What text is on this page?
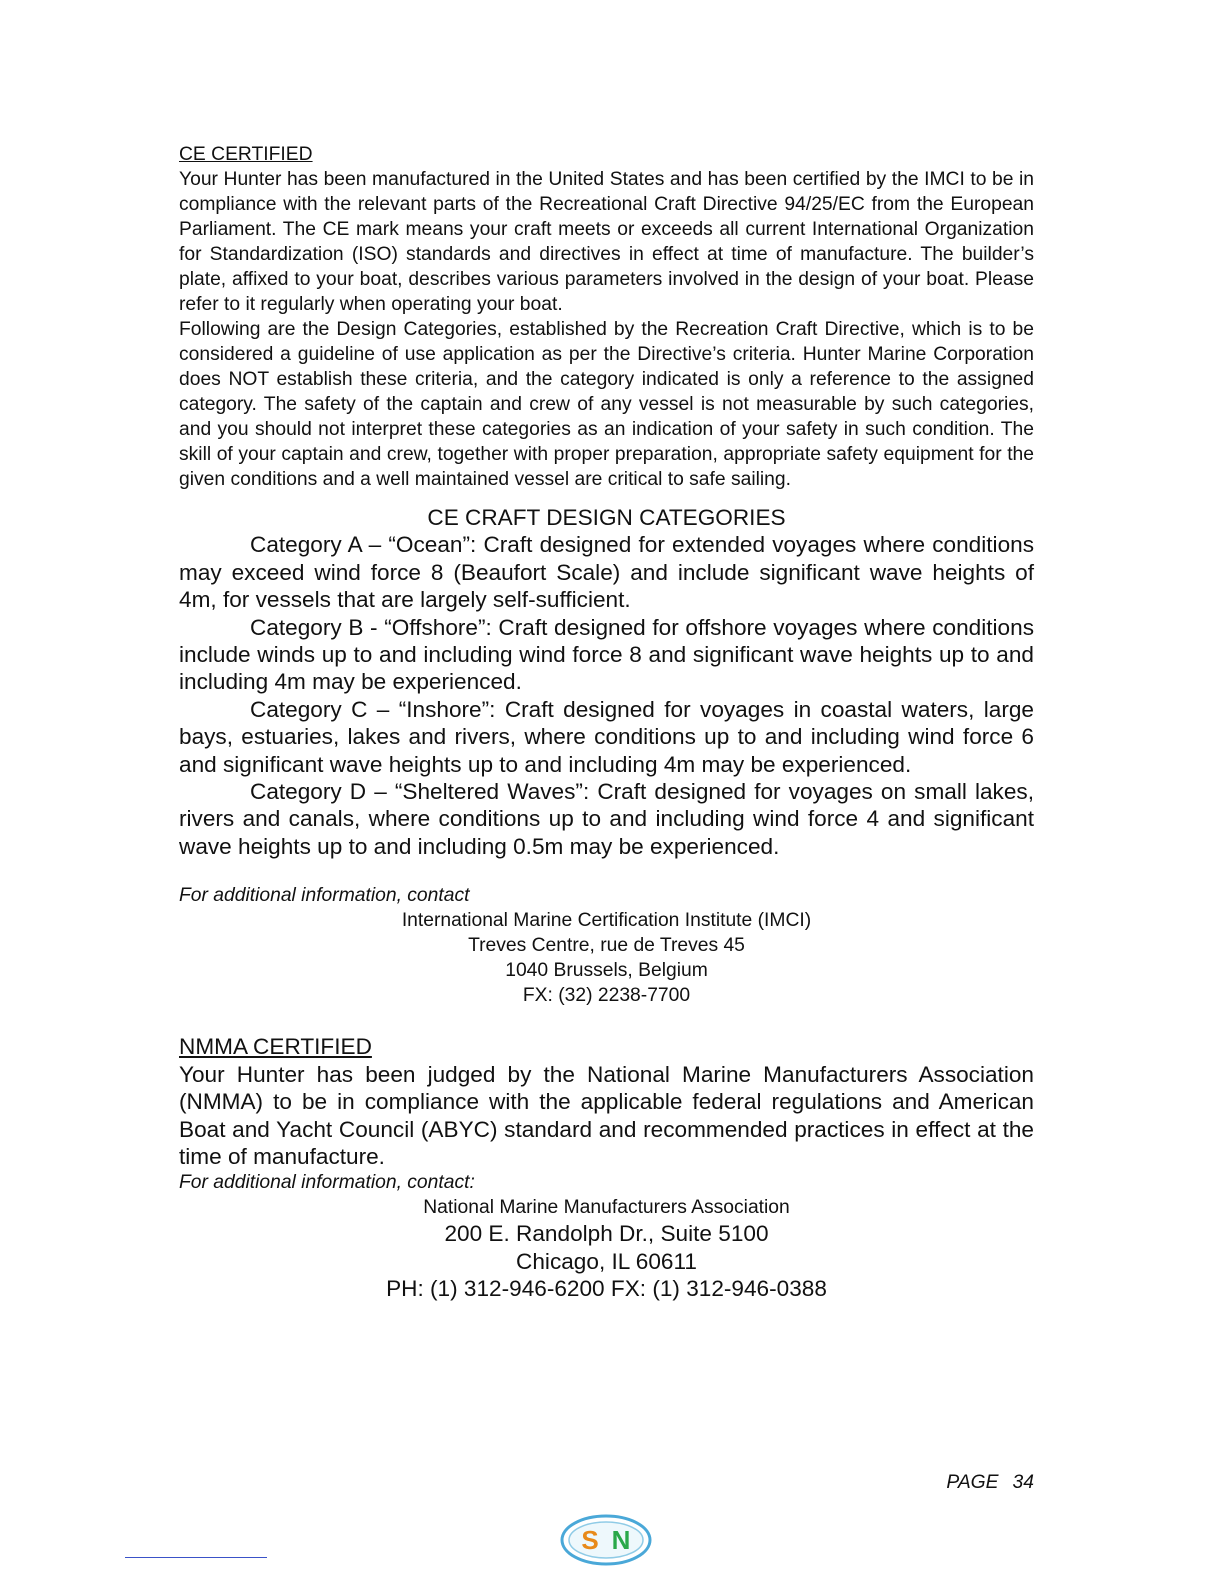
CE CERTIFIED

Your Hunter has been manufactured in the United States and has been certified by the IMCI to be in compliance with the relevant parts of the Recreational Craft Directive 94/25/EC from the European Parliament. The CE mark means your craft meets or exceeds all current International Organization for Standardization (ISO) standards and directives in effect at time of manufacture. The builder’s plate, affixed to your boat, describes various parameters involved in the design of your boat. Please refer to it regularly when operating your boat.

Following are the Design Categories, established by the Recreation Craft Directive, which is to be considered a guideline of use application as per the Directive’s criteria. Hunter Marine Corporation does NOT establish these criteria, and the category indicated is only a reference to the assigned category. The safety of the captain and crew of any vessel is not measurable by such categories, and you should not interpret these categories as an indication of your safety in such condition. The skill of your captain and crew, together with proper preparation, appropriate safety equipment for the given conditions and a well maintained vessel are critical to safe sailing.

CE CRAFT DESIGN CATEGORIES

Category A – “Ocean”: Craft designed for extended voyages where conditions may exceed wind force 8 (Beaufort Scale) and include significant wave heights of 4m, for vessels that are largely self-sufficient.

Category B - “Offshore”: Craft designed for offshore voyages where conditions include winds up to and including wind force 8 and significant wave heights up to and including 4m may be experienced.

Category C – “Inshore”: Craft designed for voyages in coastal waters, large bays, estuaries, lakes and rivers, where conditions up to and including wind force 6 and significant wave heights up to and including 4m may be experienced.

Category D – “Sheltered Waves”: Craft designed for voyages on small lakes, rivers and canals, where conditions up to and including wind force 4 and significant wave heights up to and including 0.5m may be experienced.

For additional information, contact

International Marine Certification Institute (IMCI)

Treves Centre, rue de Treves 45

1040 Brussels, Belgium

FX: (32) 2238-7700

NMMA CERTIFIED

Your Hunter has been judged by the National Marine Manufacturers Association (NMMA) to be in compliance with the applicable federal regulations and American Boat and Yacht Council (ABYC) standard and recommended practices in effect at the time of manufacture.

For additional information, contact:

National Marine Manufacturers Association

200 E. Randolph Dr., Suite 5100

Chicago, IL 60611

PH: (1) 312-946-6200 FX: (1) 312-946-0388

PAGE 34
S N
